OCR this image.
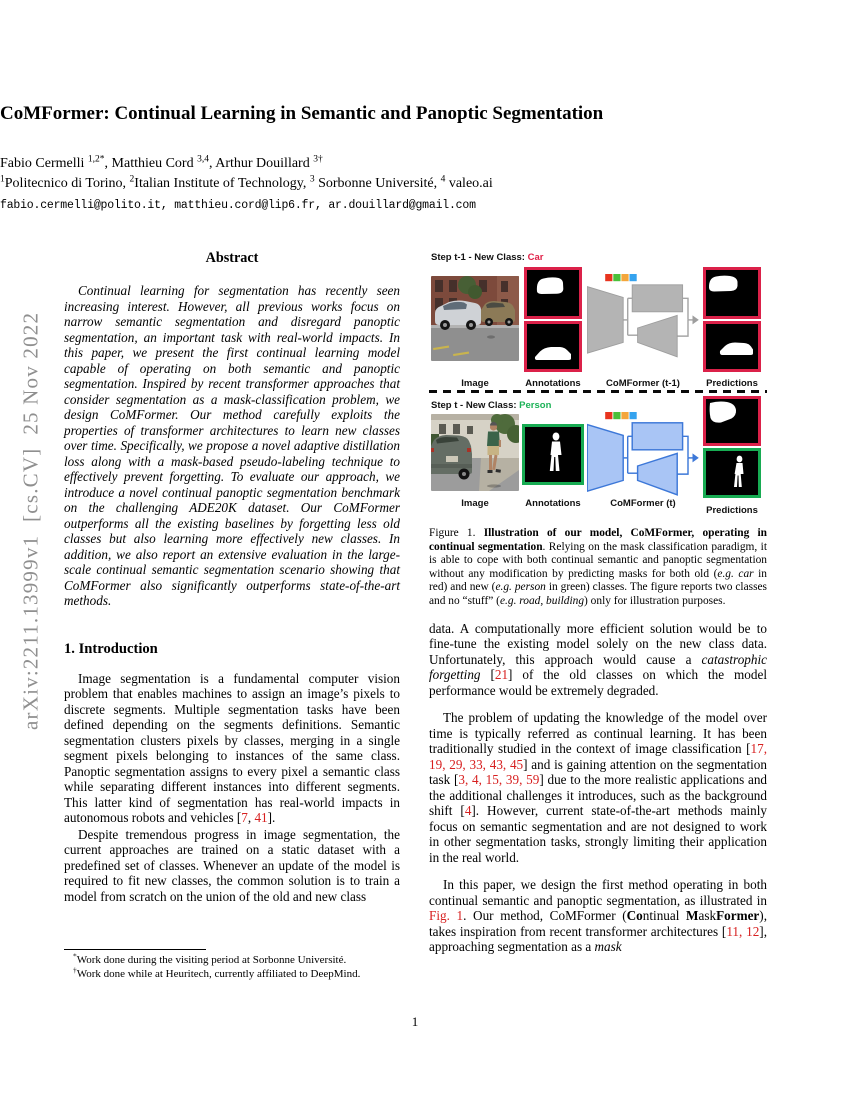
arXiv:2211.13999v1  [cs.CV]  25 Nov 2022
CoMFormer: Continual Learning in Semantic and Panoptic Segmentation
Fabio Cermelli $^{1,2*}$, Matthieu Cord $^{3,4}$, Arthur Douillard $^{3\dagger}$
$^1$Politecnico di Torino, $^2$Italian Institute of Technology, $^3$ Sorbonne Université, $^4$ valeo.ai
fabio.cermelli@polito.it, matthieu.cord@lip6.fr, ar.douillard@gmail.com
Abstract

Continual learning for segmentation has recently seen increasing interest. However, all previous works focus on narrow semantic segmentation and disregard panoptic segmentation, an important task with real-world impacts. In this paper, we present the first continual learning model capable of operating on both semantic and panoptic segmentation. Inspired by recent transformer approaches that consider segmentation as a mask-classification problem, we design CoMFormer. Our method carefully exploits the properties of transformer architectures to learn new classes over time. Specifically, we propose a novel adaptive distillation loss along with a mask-based pseudo-labeling technique to effectively prevent forgetting. To evaluate our approach, we introduce a novel continual panoptic segmentation benchmark on the challenging ADE20K dataset. Our CoMFormer outperforms all the existing baselines by forgetting less old classes but also learning more effectively new classes. In addition, we also report an extensive evaluation in the large-scale continual semantic segmentation scenario showing that CoMFormer also significantly outperforms state-of-the-art methods.

1. Introduction

Image segmentation is a fundamental computer vision problem that enables machines to assign an image’s pixels to discrete segments. Multiple segmentation tasks have been defined depending on the segments definitions. Semantic segmentation clusters pixels by classes, merging in a single segment pixels belonging to instances of the same class. Panoptic segmentation assigns to every pixel a semantic class while separating different instances into different segments. This latter kind of segmentation has real-world impacts in autonomous robots and vehicles [7, 41].

Despite tremendous progress in image segmentation, the current approaches are trained on a static dataset with a predefined set of classes. Whenever an update of the model is required to fit new classes, the common solution is to train a model from scratch on the union of the old and new class

*Work done during the visiting period at Sorbonne Université.
†Work done while at Heuritech, currently affiliated to DeepMind.
Step t-1 - New Class: Car
Image	Annotations	CoMFormer (t-1)	Predictions
Step t - New Class: Person
Image	Annotations	CoMFormer (t)
Predictions

Figure 1. Illustration of our model, CoMFormer, operating in continual segmentation. Relying on the mask classification paradigm, it is able to cope with both continual semantic and panoptic segmentation without any modification by predicting masks for both old (e.g. car in red) and new (e.g. person in green) classes. The figure reports two classes and no “stuff” (e.g. road, building) only for illustration purposes.

data. A computationally more efficient solution would be to fine-tune the existing model solely on the new class data. Unfortunately, this approach would cause a catastrophic forgetting [21] of the old classes on which the model performance would be extremely degraded.

The problem of updating the knowledge of the model over time is typically referred as continual learning. It has been traditionally studied in the context of image classification [17, 19, 29, 33, 43, 45] and is gaining attention on the segmentation task [3, 4, 15, 39, 59] due to the more realistic applications and the additional challenges it introduces, such as the background shift [4]. However, current state-of-the-art methods mainly focus on semantic segmentation and are not designed to work in other segmentation tasks, strongly limiting their application in the real world.

In this paper, we design the first method operating in both continual semantic and panoptic segmentation, as illustrated in Fig. 1. Our method, CoMFormer (Continual MaskFormer), takes inspiration from recent transformer architectures [11, 12], approaching segmentation as a mask

1
